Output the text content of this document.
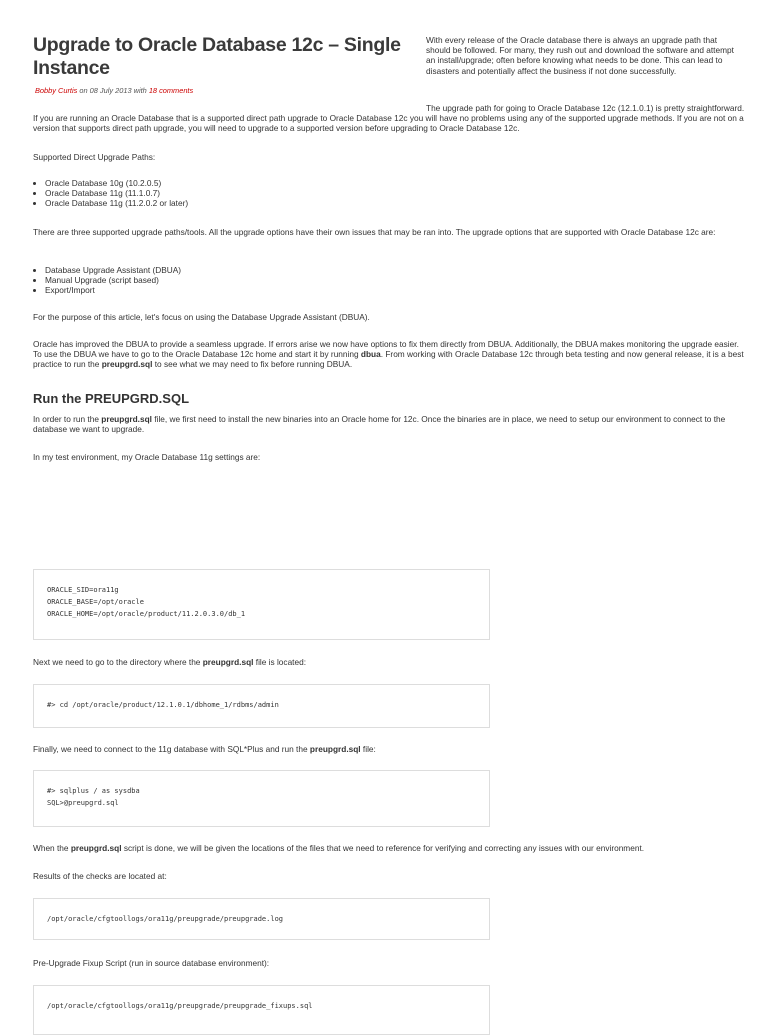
Upgrade to Oracle Database 12c – Single Instance
Bobby Curtis on 08 July 2013 with 18 comments

With every release of the Oracle database there is always an upgrade path that should be followed. For many, they rush out and download the software and attempt an install/upgrade; often before knowing what needs to be done. This can lead to disasters and potentially affect the business if not done successfully.

The upgrade path for going to Oracle Database 12c (12.1.0.1) is pretty straightforward. If you are running an Oracle Database that is a supported direct path upgrade to Oracle Database 12c you will have no problems using any of the supported upgrade methods. If you are not on a version that supports direct path upgrade, you will need to upgrade to a supported version before upgrading to Oracle Database 12c.

Supported Direct Upgrade Paths:

• Oracle Database 10g (10.2.0.5)
• Oracle Database 11g (11.1.0.7)
• Oracle Database 11g (11.2.0.2 or later)

There are three supported upgrade paths/tools. All the upgrade options have their own issues that may be ran into. The upgrade options that are supported with Oracle Database 12c are:

• Database Upgrade Assistant (DBUA)
• Manual Upgrade (script based)
• Export/Import

For the purpose of this article, let's focus on using the Database Upgrade Assistant (DBUA).

Oracle has improved the DBUA to provide a seamless upgrade. If errors arise we now have options to fix them directly from DBUA. Additionally, the DBUA makes monitoring the upgrade easier. To use the DBUA we have to go to the Oracle Database 12c home and start it by running dbua. From working with Oracle Database 12c through beta testing and now general release, it is a best practice to run the preupgrd.sql to see what we may need to fix before running DBUA.

Run the PREUPGRD.SQL

In order to run the preupgrd.sql file, we first need to install the new binaries into an Oracle home for 12c. Once the binaries are in place, we need to setup our environment to connect to the database we want to upgrade.

In my test environment, my Oracle Database 11g settings are:

ORACLE_SID=ora11g
ORACLE_BASE=/opt/oracle
ORACLE_HOME=/opt/oracle/product/11.2.0.3.0/db_1

Next we need to go to the directory where the preupgrd.sql file is located:

#> cd /opt/oracle/product/12.1.0.1/dbhome_1/rdbms/admin

Finally, we need to connect to the 11g database with SQL*Plus and run the preupgrd.sql file:

#> sqlplus / as sysdba
SQL>@preupgrd.sql

When the preupgrd.sql script is done, we will be given the locations of the files that we need to reference for verifying and correcting any issues with our environment.

Results of the checks are located at:

/opt/oracle/cfgtoollogs/ora11g/preupgrade/preupgrade.log

Pre-Upgrade Fixup Script (run in source database environment):

/opt/oracle/cfgtoollogs/ora11g/preupgrade/preupgrade_fixups.sql
